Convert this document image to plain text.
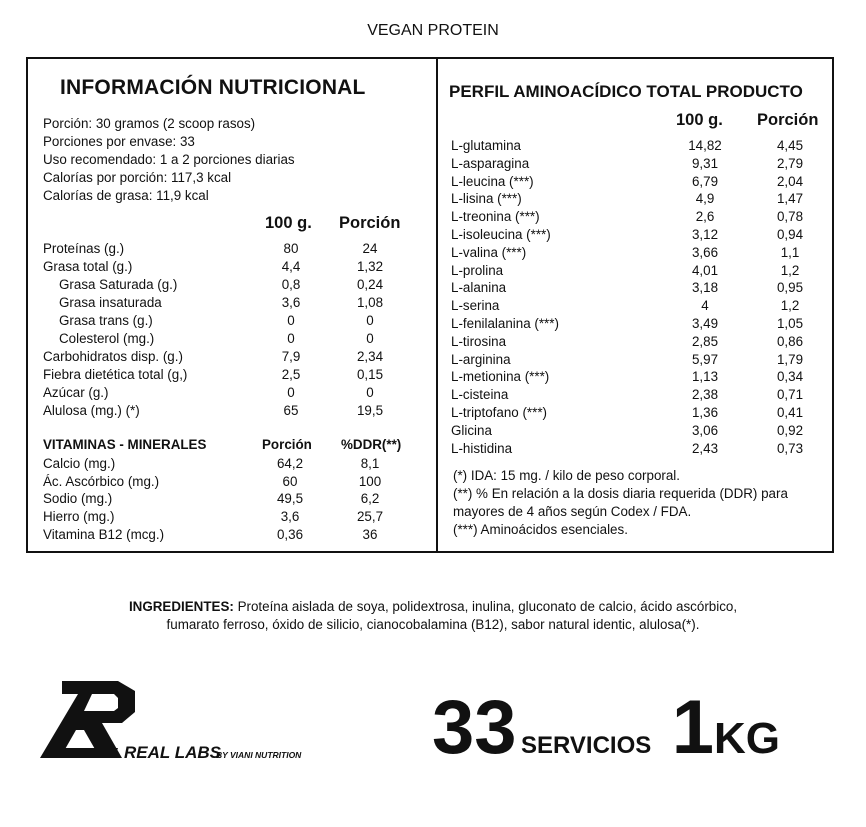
VEGAN PROTEIN
INFORMACIÓN NUTRICIONAL
Porción: 30 gramos (2 scoop rasos)
Porciones por envase: 33
Uso recomendado: 1 a 2 porciones diarias
Calorías por porción: 117,3 kcal
Calorías de grasa: 11,9 kcal
100 g. Porción
Proteínas (g.)	80	24
Grasa total (g.)	4,4	1,32
Grasa Saturada (g.)	0,8	0,24
Grasa insaturada	3,6	1,08
Grasa trans (g.)	0	0
Colesterol (mg.)	0	0
Carbohidratos disp. (g.)	7,9	2,34
Fiebra dietética total (g,)	2,5	0,15
Azúcar (g.)	0	0
Alulosa (mg.) (*)	65	19,5
VITAMINAS - MINERALES	Porción %DDR(**)
Calcio (mg.)	64,2	8,1
Ác. Ascórbico (mg.)	60	100
Sodio (mg.)	49,5	6,2
Hierro (mg.)	3,6	25,7
Vitamina B12 (mcg.)	0,36	36
PERFIL AMINOACÍDICO TOTAL PRODUCTO
100 g. Porción
L-glutamina	14,82	4,45
L-asparagina	9,31	2,79
L-leucina (***)	6,79	2,04
L-lisina (***)	4,9	1,47
L-treonina (***)	2,6	0,78
L-isoleucina (***)	3,12	0,94
L-valina (***)	3,66	1,1
L-prolina	4,01	1,2
L-alanina	3,18	0,95
L-serina	4	1,2
L-fenilalanina (***)	3,49	1,05
L-tirosina	2,85	0,86
L-arginina	5,97	1,79
L-metionina (***)	1,13	0,34
L-cisteina	2,38	0,71
L-triptofano (***)	1,36	0,41
Glicina	3,06	0,92
L-histidina	2,43	0,73
(*) IDA: 15 mg. / kilo de peso corporal.
(**) % En relación a la dosis diaria requerida (DDR) para
mayores de 4 años según Codex / FDA.
(***) Aminoácidos esenciales.
INGREDIENTES: Proteína aislada de soya, polidextrosa, inulina, gluconato de calcio, ácido ascórbico,
fumarato ferroso, óxido de silicio, cianocobalamina (B12), sabor natural identic, alulosa(*).
REAL LABS
BY VIANI NUTRITION 33 SERVICIOS 1KG
